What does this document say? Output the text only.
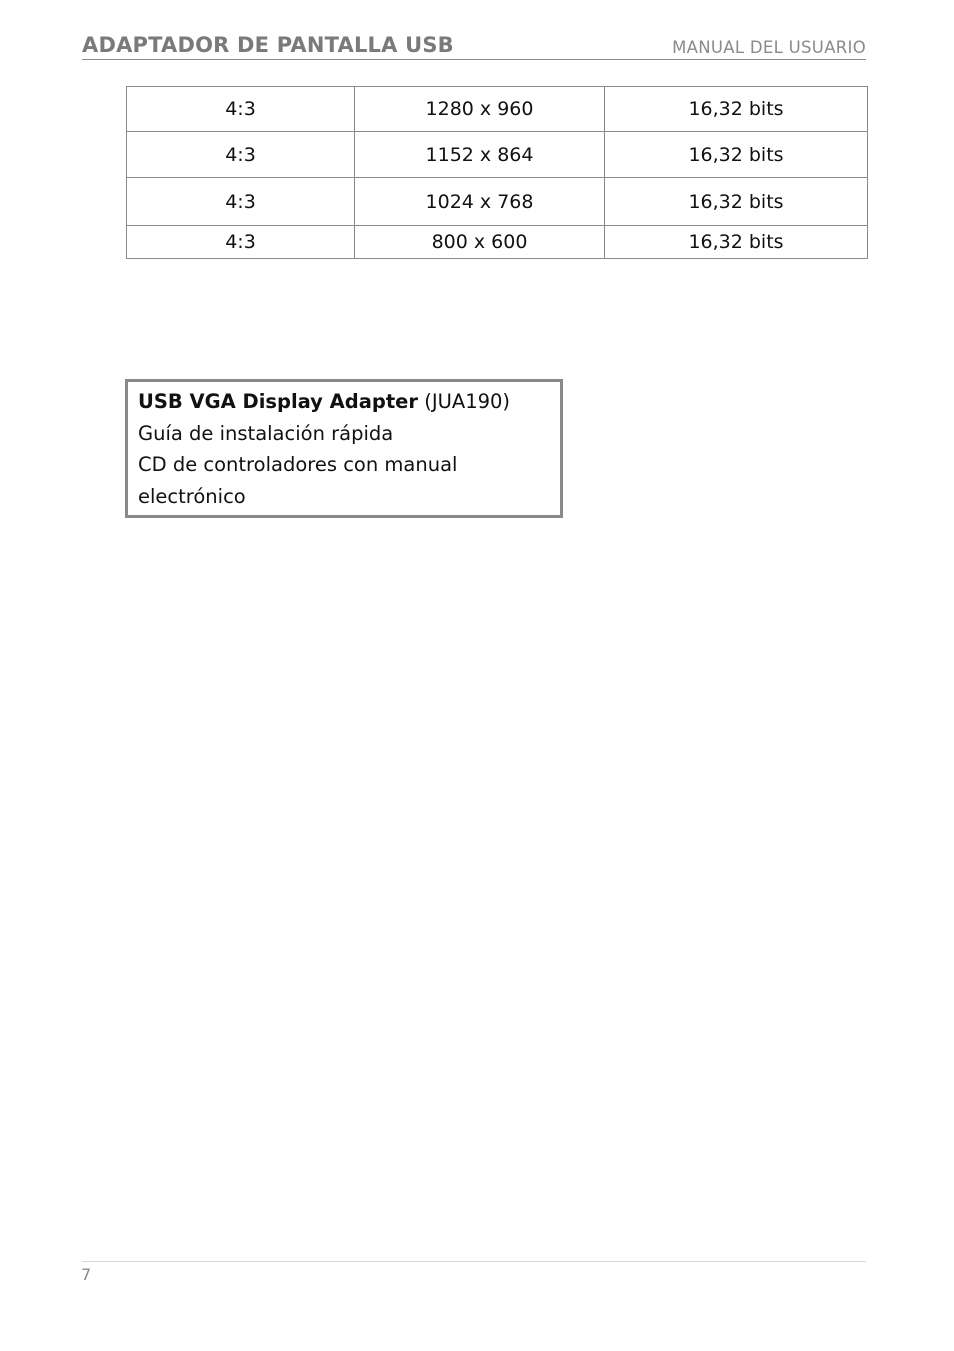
ADAPTADOR DE PANTALLA USB	MANUAL DEL USUARIO
4:3	1280 x 960	16,32 bits
4:3	1152 x 864	16,32 bits
4:3	1024 x 768	16,32 bits
4:3	800 x 600	16,32 bits
USB VGA Display Adapter (JUA190)
Guía de instalación rápida
CD de controladores con manual
electrónico
7
